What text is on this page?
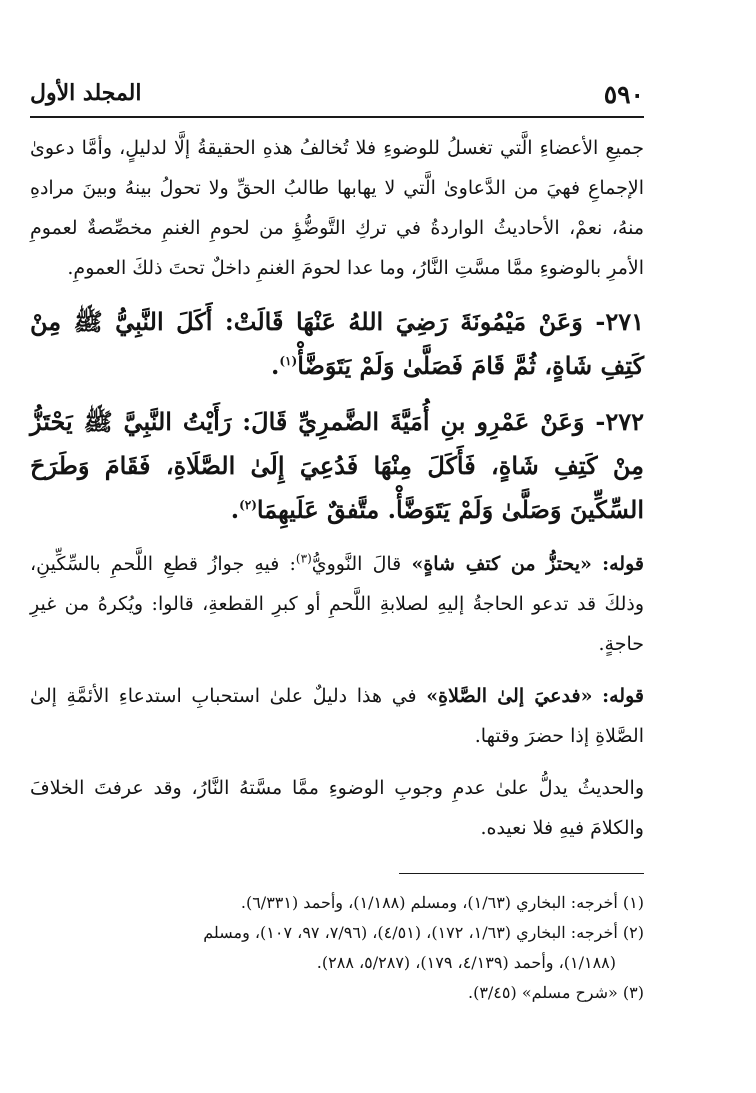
٥٩٠
المجلد الأول

جميعِ الأعضاءِ الَّتي تغسلُ للوضوءِ فلا تُخالفُ هذهِ الحقيقةُ إلَّا لدليلٍ، وأمَّا دعوىٰ الإجماعِ فهيَ من الدَّعاوىٰ الَّتي لا يهابها طالبُ الحقِّ ولا تحولُ بينهُ وبينَ مرادهِ منهُ، نعمْ، الأحاديثُ الواردةُ في تركِ التَّوضُّؤِ من لحومِ الغنمِ مخصِّصةٌ لعمومِ الأمرِ بالوضوءِ ممَّا مسَّتِ النَّارُ، وما عدا لحومَ الغنمِ داخلٌ تحتَ ذلكَ العمومِ.

٢٧١- وَعَنْ مَيْمُونَةَ رَضِيَ اللهُ عَنْهَا قَالَتْ: أَكَلَ النَّبِيُّ ﷺ مِنْ كَتِفِ شَاةٍ، ثُمَّ قَامَ فَصَلَّىٰ وَلَمْ يَتَوَضَّأْ$^{(١)}$.

٢٧٢- وَعَنْ عَمْرِو بنِ أُمَيَّةَ الضَّمرِيِّ قَالَ: رَأَيْتُ النَّبِيَّ ﷺ يَحْتَزُّ مِنْ كَتِفِ شَاةٍ، فَأَكَلَ مِنْهَا فَدُعِيَ إِلَىٰ الصَّلَاةِ، فَقَامَ وَطَرَحَ السِّكِّينَ وَصَلَّىٰ وَلَمْ يَتَوَضَّأْ. متَّفقٌ عَلَيهِمَا$^{(٢)}$.

قوله: «يحتزُّ من كتفِ شاةٍ» قالَ النَّوويُّ$^{(٣)}$: فيهِ جوازُ قطعِ اللَّحمِ بالسِّكِّينِ، وذلكَ قد تدعو الحاجةُ إليهِ لصلابةِ اللَّحمِ أو كبرِ القطعةِ، قالوا: ويُكرهُ من غيرِ حاجةٍ.

قوله: «فدعيَ إلىٰ الصَّلاةِ» في هذا دليلٌ علىٰ استحبابِ استدعاءِ الأئمَّةِ إلىٰ الصَّلاةِ إذا حضرَ وقتها.

والحديثُ يدلُّ علىٰ عدمِ وجوبِ الوضوءِ ممَّا مسَّتهُ النَّارُ، وقد عرفتَ الخلافَ والكلامَ فيهِ فلا نعيده.

(١) أخرجه: البخاري (١/٦٣)، ومسلم (١/١٨٨)، وأحمد (٦/٣٣١).

(٢) أخرجه: البخاري (١/٦٣، ١٧٢)، (٤/٥١)، (٧/٩٦، ٩٧، ١٠٧)، ومسلم

(١/١٨٨)، وأحمد (٤/١٣٩، ١٧٩)، (٥/٢٨٧، ٢٨٨).

(٣) «شرح مسلم» (٣/٤٥).
